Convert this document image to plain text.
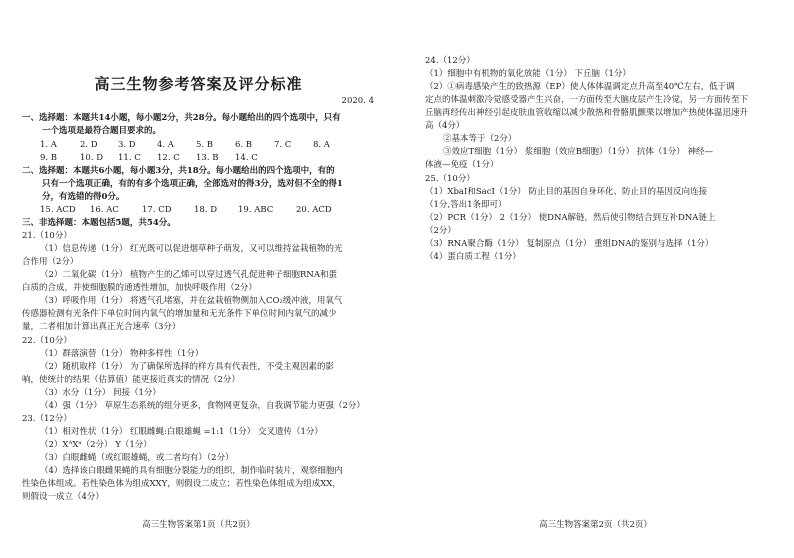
高三生物参考答案及评分标准
2020. 4
一、选择题：本题共14小题，每小题2分，共28分。每小题给出的四个选项中，只有
一个选项是最符合题目要求的。
1. A	2. D 3. D	4. A	5. B	6. B	7. C	8. A
9. B	10. D 11. C 12. C 13. B 14. C
二、选择题：本题共6小题，每小题3分，共18分。每小题给出的四个选项中，有的
只有一个选项正确，有的有多个选项正确，全部选对的得3分，选对但不全的得1
分，有选错的得0分。
15. ACD 16. AC	17. CD	18. D 19. ABC	20. ACD
三、非选择题：本题包括5题，共54分。
21.（10分）
（1）信息传递（1分） 红光既可以促进烟草种子萌发，又可以维持盆栽植物的光
合作用（2分）
（2）二氧化碳（1分） 植物产生的乙烯可以穿过透气孔促进种子细胞RNA和蛋
白质的合成，并使细胞膜的通透性增加，加快呼吸作用（2分）
（3）呼吸作用（1分） 将透气孔堵塞，并在盆栽植物侧加入CO₂缓冲液，用氧气
传感器检测有光条件下单位时间内氧气的增加量和无光条件下单位时间内氧气的减少
量，二者相加计算出真正光合速率（3分）
22.（10分）
（1）群落演替（1分） 物种多样性（1分）
（2）随机取样（1分） 为了确保所选择的样方具有代表性，不受主观因素的影
响，使统计的结果（估算值）能更接近真实的情况（2分）
（3）水分（1分） 间接（1分）
（4）强（1分） 草原生态系统的组分更多，食物网更复杂，自我调节能力更强（2分）
23.（12分）
（1）相对性状（1分） 红眼雌蝇:白眼雄蝇 =1:1（1分） 交叉遗传（1分）
（2）XᴬXᵃ（2分） Y（1分）
（3）白眼雌蝇（或红眼雄蝇，或二者均有）（2分）
（4）选择该白眼雌果蝇的具有细胞分裂能力的组织，制作临时装片，观察细胞内
性染色体组成。若性染色体为组成XXY，则假设二成立；若性染色体组成为组成XX，
则假设一成立（4分）
高三生物答案第1页（共2页）
24.（12分）
（1）细胞中有机物的氧化放能（1分） 下丘脑（1分）
（2）①病毒感染产生的致热源（EP）使人体体温调定点升高至40℃左右，低于调
定点的体温刺激冷觉感受器产生兴奋，一方面传至大脑皮层产生冷觉，另一方面传至下
丘脑再经传出神经引起皮肤血管收缩以减少散热和骨骼肌颤栗以增加产热使体温迅速升
高（4分）
②基本等于（2分）
③效应T细胞（1分） 浆细胞（效应B细胞）（1分） 抗体（1分） 神经—
体液—免疫（1分）
25.（10分）
（1）XbaⅠ和SacⅠ（1分） 防止目的基因自身环化、防止目的基因反向连接
（1分,答出1条即可）
（2）PCR（1分） 2（1分） 使DNA解链，然后使引物结合到互补DNA链上
（2分）
（3）RNA聚合酶（1分） 复制原点（1分） 重组DNA的鉴别与选择（1分）
（4）蛋白质工程（1分）
高三生物答案第2页（共2页）
